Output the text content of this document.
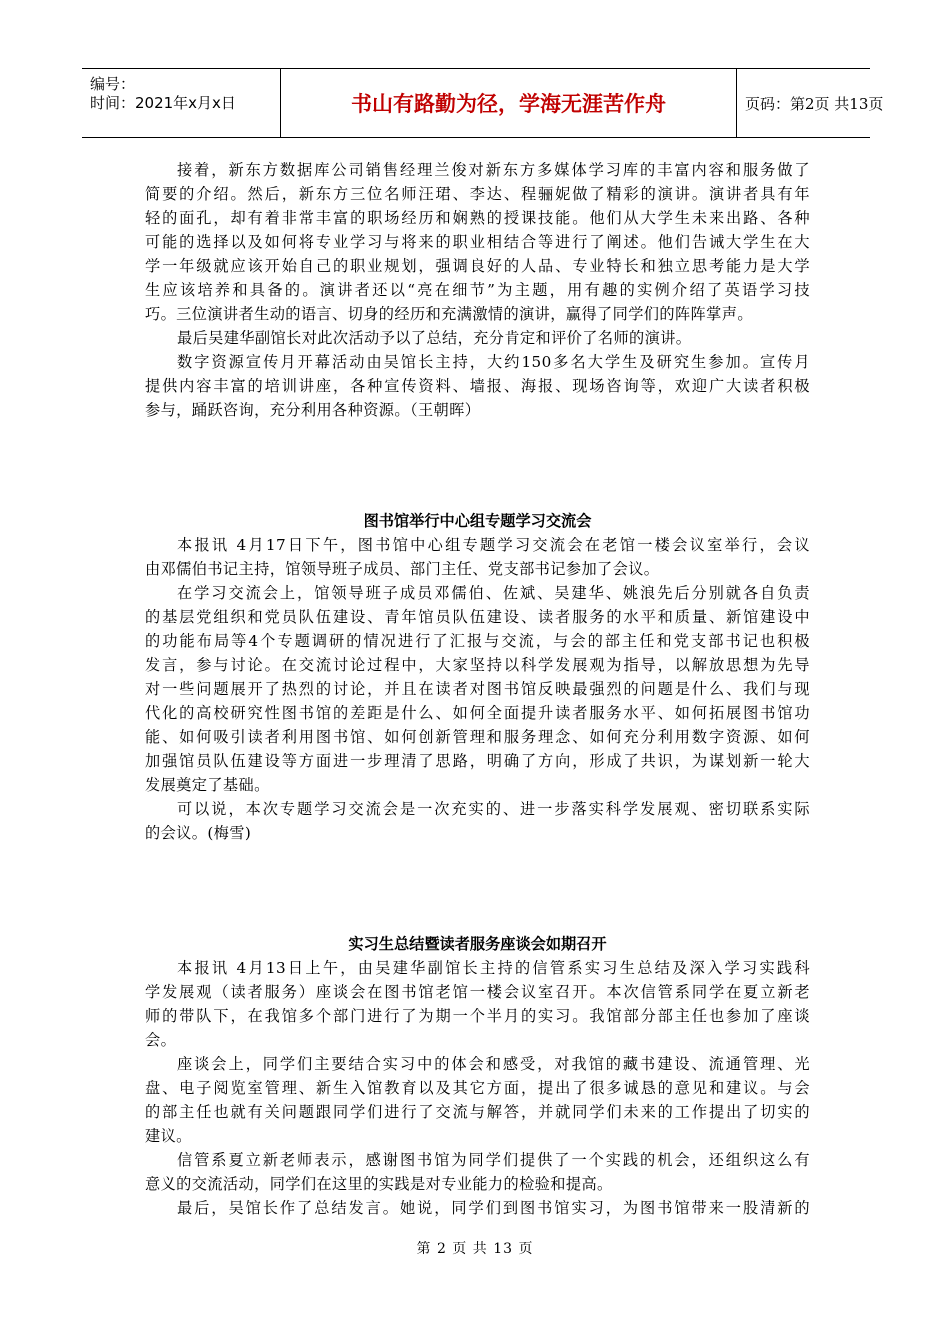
编号：
时间：2021年x月x日	书山有路勤为径，学海无涯苦作舟	页码：第2页 共13页
接着，新东方数据库公司销售经理兰俊对新东方多媒体学习库的丰富内容和服务做了
简要的介绍。然后，新东方三位名师汪珺、李达、程骊妮做了精彩的演讲。演讲者具有年
轻的面孔，却有着非常丰富的职场经历和娴熟的授课技能。他们从大学生未来出路、各种
可能的选择以及如何将专业学习与将来的职业相结合等进行了阐述。他们告诫大学生在大
学一年级就应该开始自己的职业规划，强调良好的人品、专业特长和独立思考能力是大学
生应该培养和具备的。演讲者还以“亮在细节”为主题，用有趣的实例介绍了英语学习技
巧。三位演讲者生动的语言、切身的经历和充满激情的演讲，赢得了同学们的阵阵掌声。
最后吴建华副馆长对此次活动予以了总结，充分肯定和评价了名师的演讲。
数字资源宣传月开幕活动由吴馆长主持，大约150多名大学生及研究生参加。宣传月
提供内容丰富的培训讲座，各种宣传资料、墙报、海报、现场咨询等，欢迎广大读者积极
参与，踊跃咨询，充分利用各种资源。（王朝晖）
图书馆举行中心组专题学习交流会
本报讯 4月17日下午，图书馆中心组专题学习交流会在老馆一楼会议室举行，会议
由邓儒伯书记主持，馆领导班子成员、部门主任、党支部书记参加了会议。
在学习交流会上，馆领导班子成员邓儒伯、佐斌、吴建华、姚浪先后分别就各自负责
的基层党组织和党员队伍建设、青年馆员队伍建设、读者服务的水平和质量、新馆建设中
的功能布局等4个专题调研的情况进行了汇报与交流，与会的部主任和党支部书记也积极
发言，参与讨论。在交流讨论过程中，大家坚持以科学发展观为指导，以解放思想为先导
对一些问题展开了热烈的讨论，并且在读者对图书馆反映最强烈的问题是什么、我们与现
代化的高校研究性图书馆的差距是什么、如何全面提升读者服务水平、如何拓展图书馆功
能、如何吸引读者利用图书馆、如何创新管理和服务理念、如何充分利用数字资源、如何
加强馆员队伍建设等方面进一步理清了思路，明确了方向，形成了共识，为谋划新一轮大
发展奠定了基础。
可以说，本次专题学习交流会是一次充实的、进一步落实科学发展观、密切联系实际
的会议。(梅雪)
实习生总结暨读者服务座谈会如期召开
本报讯 4月13日上午，由吴建华副馆长主持的信管系实习生总结及深入学习实践科
学发展观（读者服务）座谈会在图书馆老馆一楼会议室召开。本次信管系同学在夏立新老
师的带队下，在我馆多个部门进行了为期一个半月的实习。我馆部分部主任也参加了座谈
会。
座谈会上，同学们主要结合实习中的体会和感受，对我馆的藏书建设、流通管理、光
盘、电子阅览室管理、新生入馆教育以及其它方面，提出了很多诚恳的意见和建议。与会
的部主任也就有关问题跟同学们进行了交流与解答，并就同学们未来的工作提出了切实的
建议。
信管系夏立新老师表示，感谢图书馆为同学们提供了一个实践的机会，还组织这么有
意义的交流活动，同学们在这里的实践是对专业能力的检验和提高。
最后，吴馆长作了总结发言。她说，同学们到图书馆实习，为图书馆带来一股清新的
第 2 页 共 13 页
